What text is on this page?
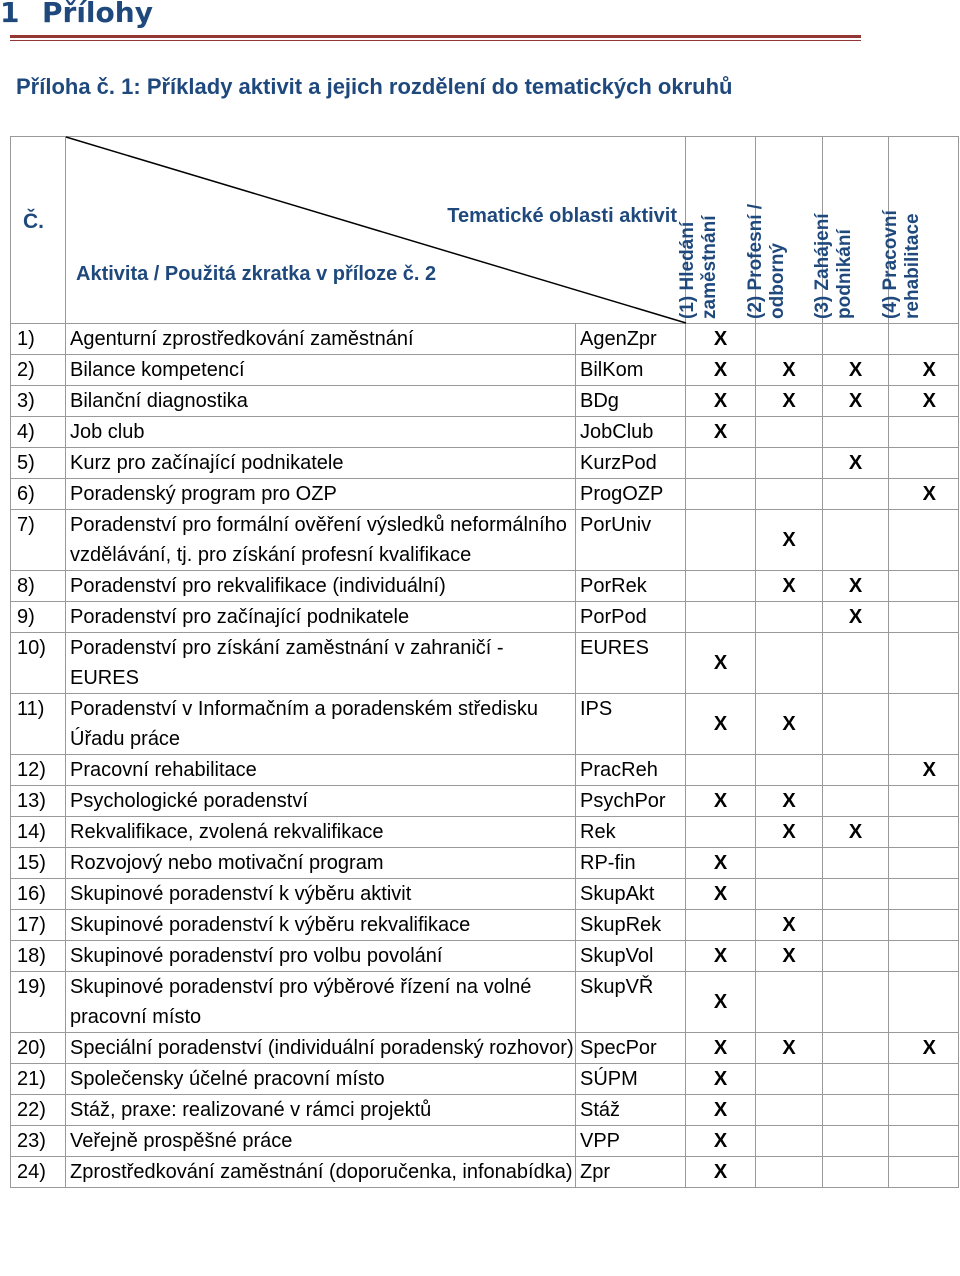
1 Přílohy
Příloha č. 1: Příklady aktivit a jejich rozdělení do tematických okruhů
Č.	Tematické oblasti aktivit
Aktivita / Použitá zkratka v příloze č. 2		(1) Hledání zaměstnání	(2) Profesní / odborný	(3) Zahájení podnikání	(4) Pracovní rehabilitace

1)	Agenturní zprostředkování zaměstnání	AgenZpr	X			
2)	Bilance kompetencí	BilKom	X	X	X	X
3)	Bilanční diagnostika	BDg	X	X	X	X
4)	Job club	JobClub	X			
5)	Kurz pro začínající podnikatele	KurzPod			X	
6)	Poradenský program pro OZP	ProgOZP				X
7)	Poradenství pro formální ověření výsledků neformálního vzdělávání, tj. pro získání profesní kvalifikace	PorUniv		X		
8)	Poradenství pro rekvalifikace (individuální)	PorRek		X	X	
9)	Poradenství pro začínající podnikatele	PorPod			X	
10)	Poradenství pro získání zaměstnání v zahraničí - EURES	EURES	X			
11)	Poradenství v Informačním a poradenském středisku Úřadu práce	IPS	X	X		
12)	Pracovní rehabilitace	PracReh				X
13)	Psychologické poradenství	PsychPor	X	X		
14)	Rekvalifikace, zvolená rekvalifikace	Rek		X	X	
15)	Rozvojový nebo motivační program	RP-fin	X			
16)	Skupinové poradenství k výběru aktivit	SkupAkt	X			
17)	Skupinové poradenství k výběru rekvalifikace	SkupRek		X		
18)	Skupinové poradenství pro volbu povolání	SkupVol	X	X		
19)	Skupinové poradenství pro výběrové řízení na volné pracovní místo	SkupVŘ	X			
20)	Speciální poradenství (individuální poradenský rozhovor)	SpecPor	X	X		X
21)	Společensky účelné pracovní místo	SÚPM	X			
22)	Stáž, praxe: realizované v rámci projektů	Stáž	X			
23)	Veřejně prospěšné práce	VPP	X			
24)	Zprostředkování zaměstnání (doporučenka, infonabídka)	Zpr	X			
